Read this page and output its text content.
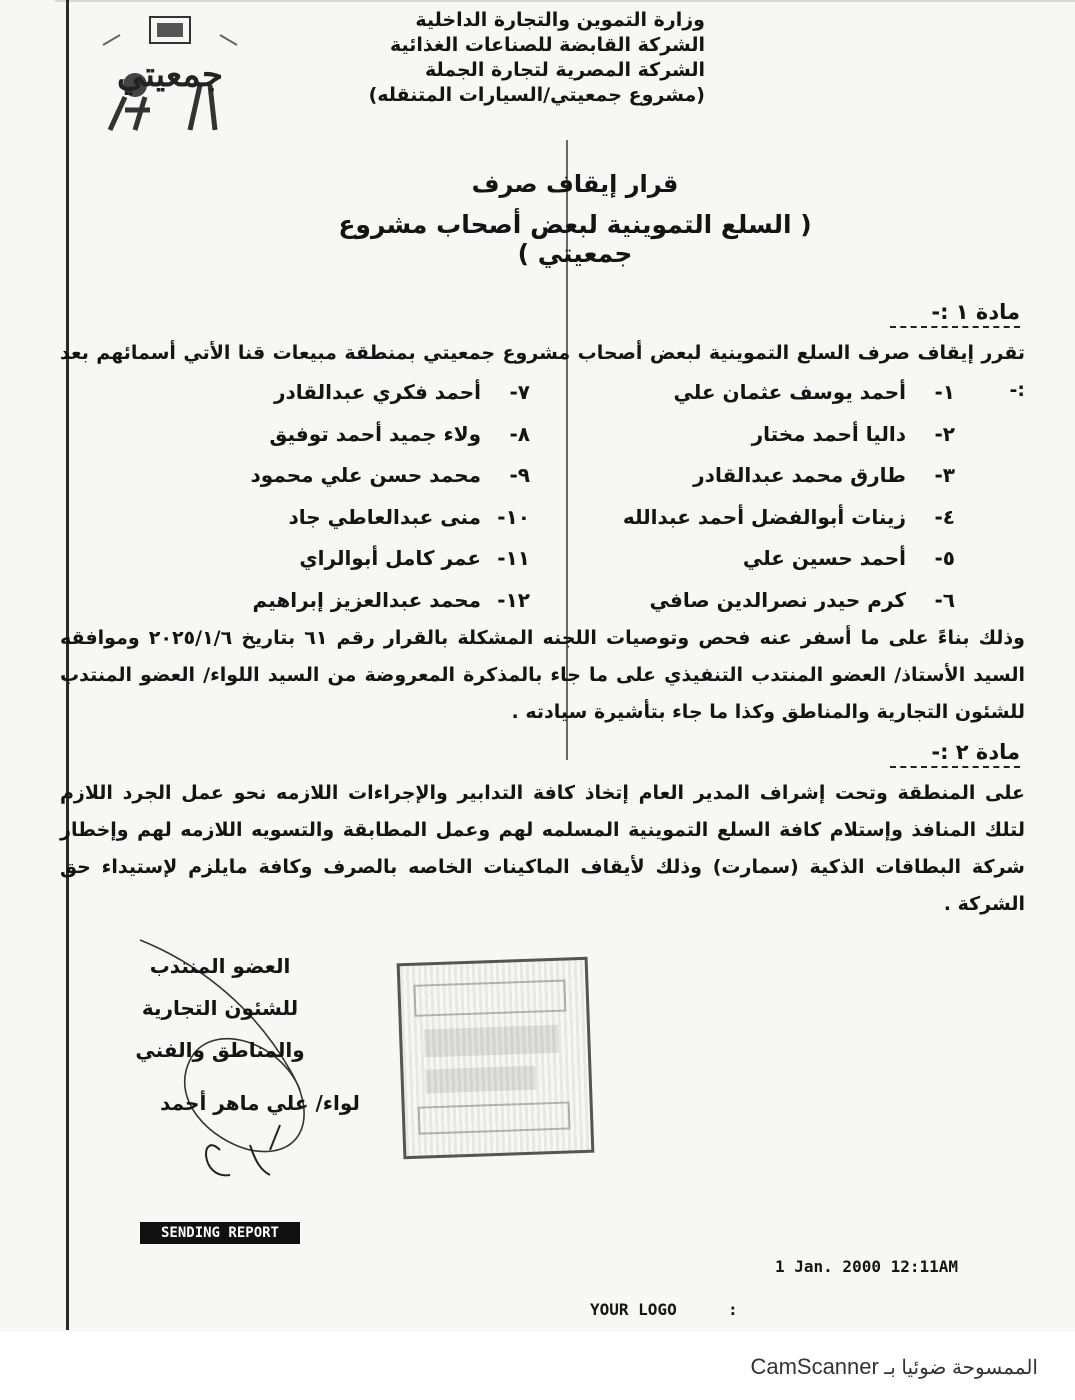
وزارة التموين والتجارة الداخلية
الشركة القابضة للصناعات الغذائية
الشركة المصرية لتجارة الجملة
(مشروع جمعيتي/السيارات المتنقله)
جمعيتي
قرار إيقاف صرف
( السلع التموينية لبعض أصحاب مشروع جمعيتي )
مادة ١ :-
تقرر إيقاف صرف السلع التموينية لبعض أصحاب مشروع جمعيتي بمنطقة مبيعات قنا الأتي أسمائهم بعد :-
١- أحمد يوسف عثمان علي
٢- داليا أحمد مختار
٣- طارق محمد عبدالقادر
٤- زينات أبوالفضل أحمد عبدالله
٥- أحمد حسين علي
٦- كرم حيدر نصرالدين صافي
٧- أحمد فكري عبدالقادر
٨- ولاء جميد أحمد توفيق
٩- محمد حسن علي محمود
١٠- منى عبدالعاطي جاد
١١- عمر كامل أبوالراي
١٢- محمد عبدالعزيز إبراهيم
وذلك بناءً على ما أسفر عنه فحص وتوصيات اللجنه المشكلة بالقرار رقم ٦١ بتاريخ ٢٠٢٥/١/٦ وموافقه السيد الأستاذ/ العضو المنتدب التنفيذي على ما جاء بالمذكرة المعروضة من السيد اللواء/ العضو المنتدب للشئون التجارية والمناطق وكذا ما جاء بتأشيرة سيادته .
مادة ٢ :-
على المنطقة وتحت إشراف المدير العام إتخاذ كافة التدابير والإجراءات اللازمه نحو عمل الجرد اللازم لتلك المنافذ وإستلام كافة السلع التموينية المسلمه لهم وعمل المطابقة والتسويه اللازمه لهم وإخطار شركة البطاقات الذكية (سمارت) وذلك لأيقاف الماكينات الخاصه بالصرف وكافة مايلزم لإستيداء حق الشركة .
العضو المنتدب
للشئون التجارية والمناطق والفني
لواء/ علي ماهر أحمد
SENDING REPORT
1 Jan. 2000 12:11AM
YOUR LOGO	:
الممسوحة ضوئيا بـ CamScanner
